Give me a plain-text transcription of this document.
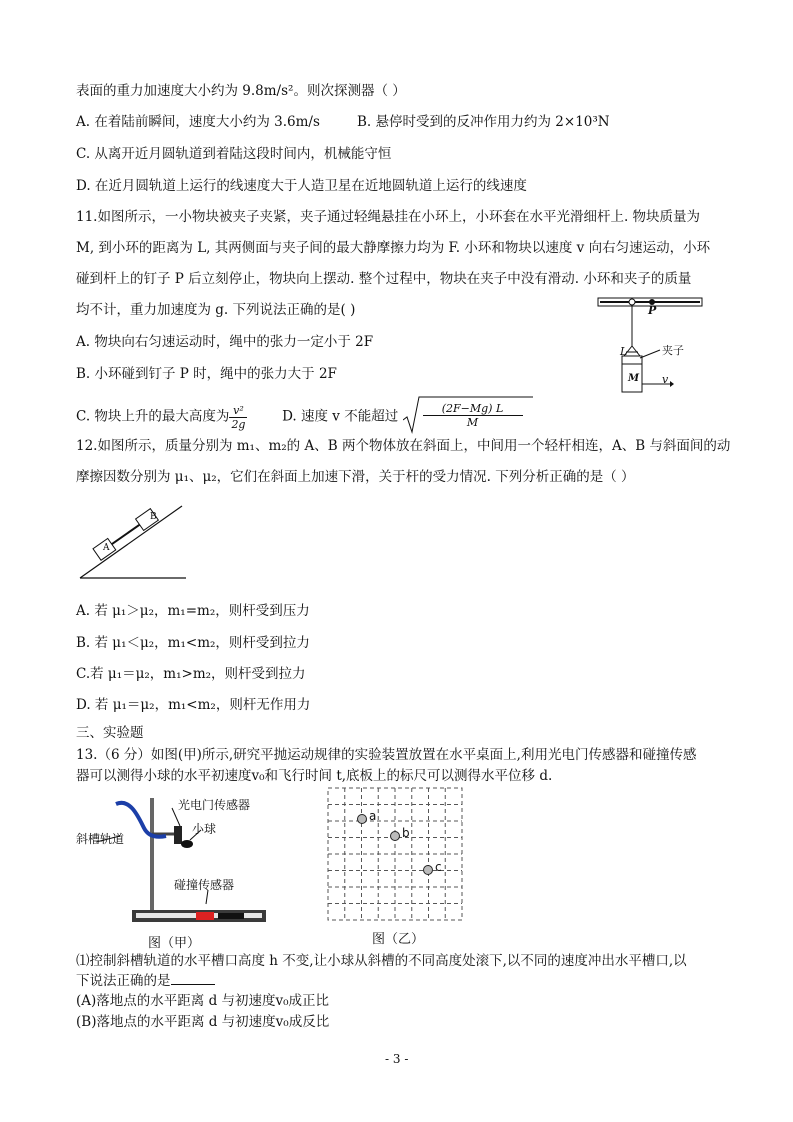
表面的重力加速度大小约为 9.8m/s²。则次探测器（ ）
A. 在着陆前瞬间，速度大小约为 3.6m/s	B. 悬停时受到的反冲作用力约为 2×10³N
C. 从离开近月圆轨道到着陆这段时间内，机械能守恒
D. 在近月圆轨道上运行的线速度大于人造卫星在近地圆轨道上运行的线速度
11.如图所示，一小物块被夹子夹紧，夹子通过轻绳悬挂在小环上，小环套在水平光滑细杆上. 物块质量为
M, 到小环的距离为 L, 其两侧面与夹子间的最大静摩擦力均为 F. 小环和物块以速度 v 向右匀速运动，小环
碰到杆上的钉子 P 后立刻停止，物块向上摆动. 整个过程中，物块在夹子中没有滑动. 小环和夹子的质量
均不计，重力加速度为 g. 下列说法正确的是( )
A. 物块向右匀速运动时，绳中的张力一定小于 2F
B. 小环碰到钉子 P 时，绳中的张力大于 2F
C. 物块上升的最大高度为 $\frac{\text{v²}}{2g}$	D. 速度 v 不能超过 $\frac{(2F-Mg) L}{M}$
P
L	夹子
M v
12.如图所示，质量分别为 m₁、m₂的 A、B 两个物体放在斜面上，中间用一个轻杆相连，A、B 与斜面间的动
摩擦因数分别为 μ₁、μ₂，它们在斜面上加速下滑，关于杆的受力情况. 下列分析正确的是（ ）
A
B
A. 若 μ₁＞μ₂，m₁=m₂，则杆受到压力
B. 若 μ₁＜μ₂，m₁<m₂，则杆受到拉力
C.若 μ₁＝μ₂，m₁>m₂，则杆受到拉力
D. 若 μ₁＝μ₂，m₁<m₂，则杆无作用力
三、实验题
13.（6 分）如图(甲)所示,研究平抛运动规律的实验装置放置在水平桌面上,利用光电门传感器和碰撞传感
器可以测得小球的水平初速度v₀和飞行时间 t,底板上的标尺可以测得水平位移 d.
光电门传感器
小球
斜槽轨道
碰撞传感器
图（甲）
a
b
c
图（乙）
⑴控制斜槽轨道的水平槽口高度 h 不变,让小球从斜槽的不同高度处滚下,以不同的速度冲出水平槽口,以
下说法正确的是
(A)落地点的水平距离 d 与初速度v₀成正比
(B)落地点的水平距离 d 与初速度v₀成反比
- 3 -
